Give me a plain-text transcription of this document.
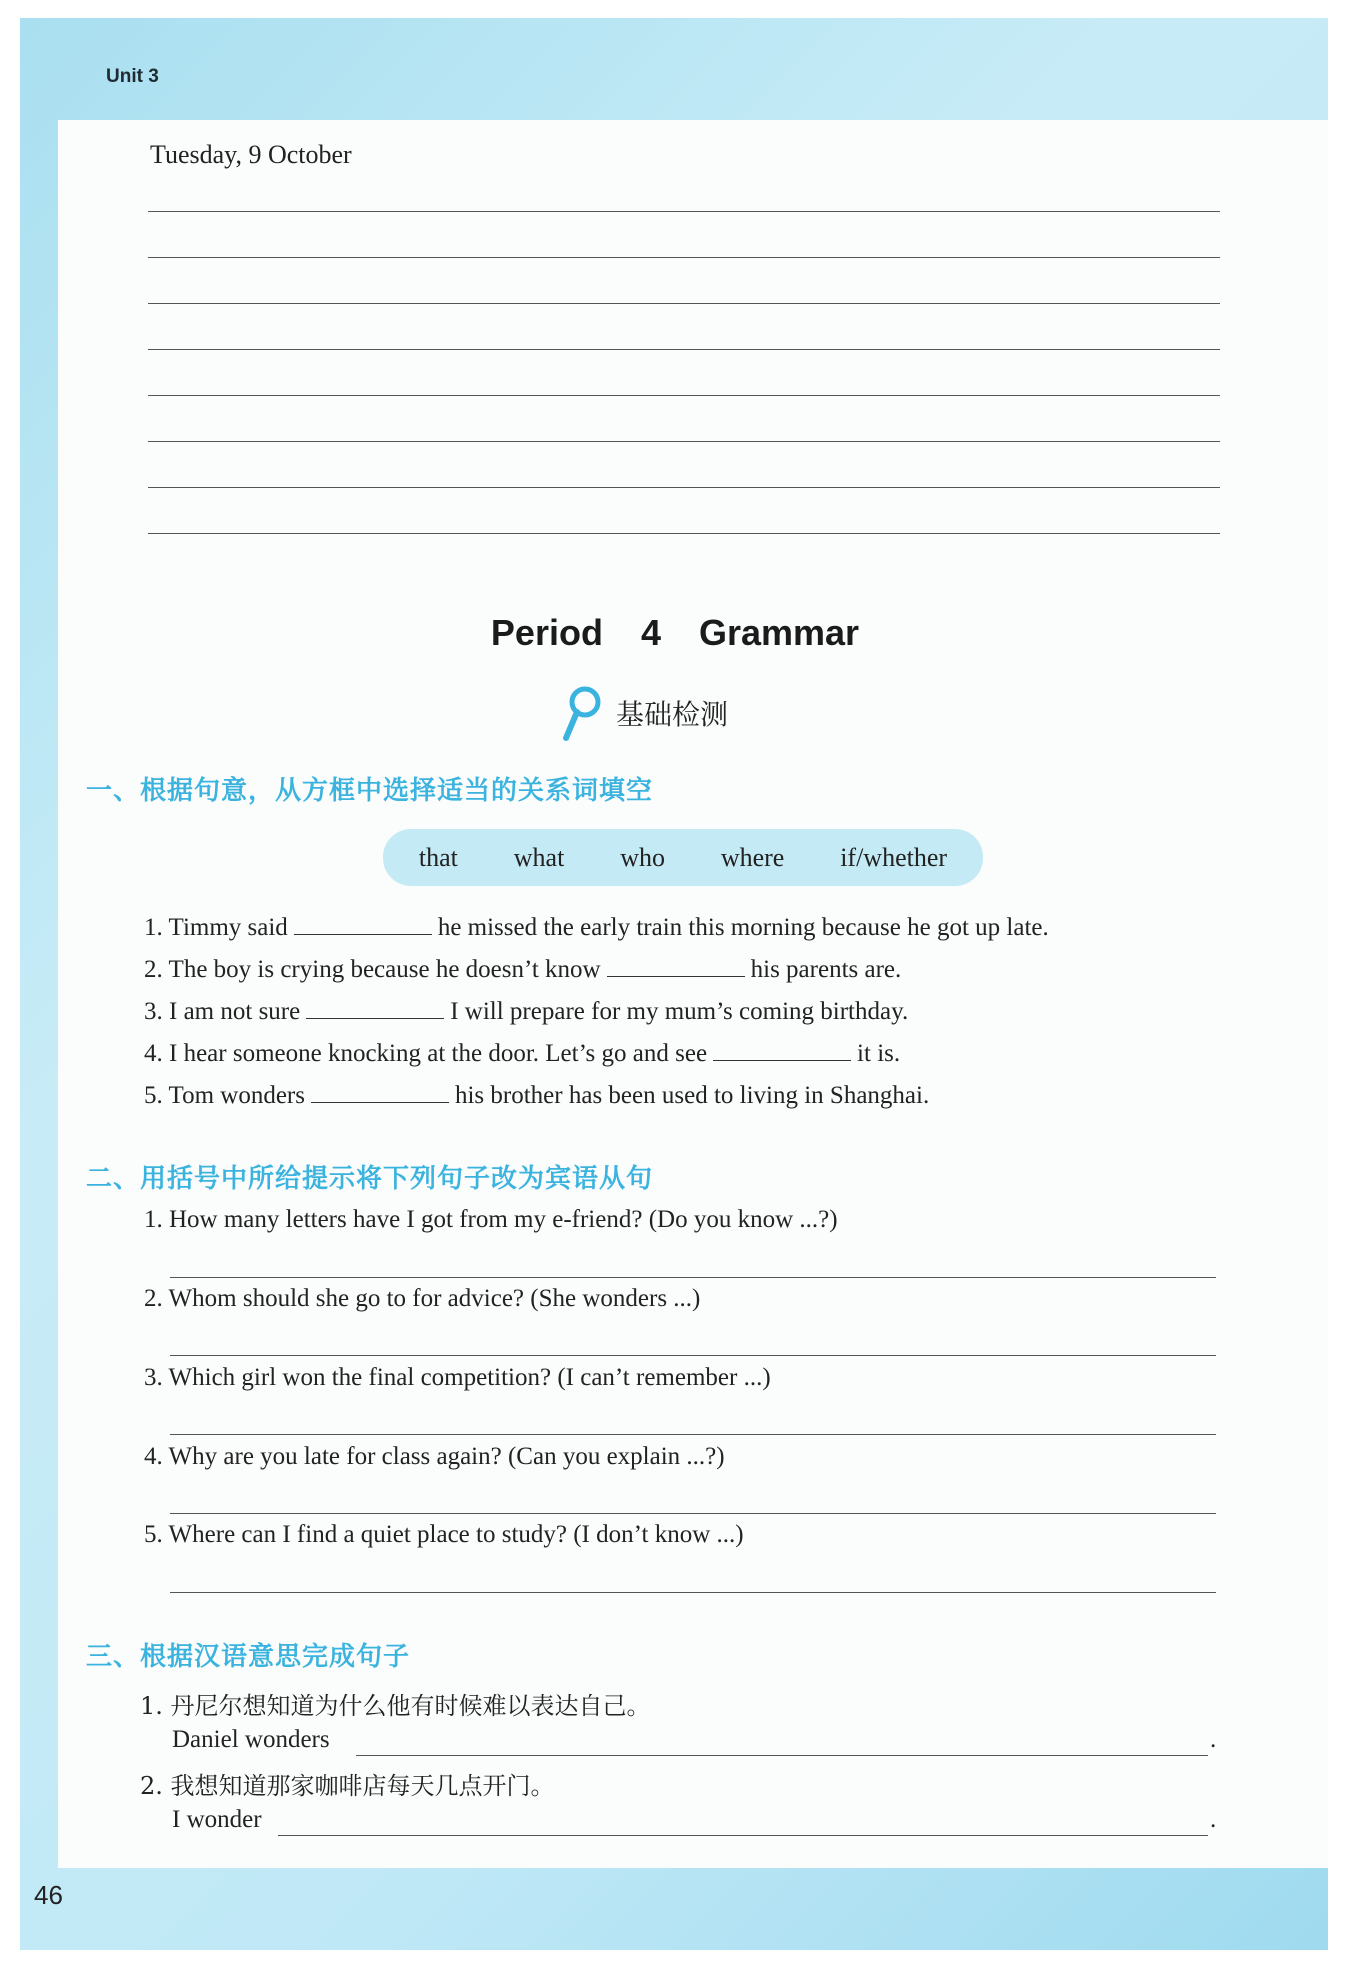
Unit 3
Tuesday, 9 October
Period 4 Grammar
基础检测
一、根据句意，从方框中选择适当的关系词填空
that what who where if/whether
1. Timmy said	he missed the early train this morning because he got up late.
2. The boy is crying because he doesn’t know	his parents are.
3. I am not sure	I will prepare for my mum’s coming birthday.
4. I hear someone knocking at the door. Let’s go and see	it is.
5. Tom wonders	his brother has been used to living in Shanghai.
二、用括号中所给提示将下列句子改为宾语从句
1. How many letters have I got from my e-friend? (Do you know ...?)
2. Whom should she go to for advice? (She wonders ...)
3. Which girl won the final competition? (I can’t remember ...)
4. Why are you late for class again? (Can you explain ...?)
5. Where can I find a quiet place to study? (I don’t know ...)
三、根据汉语意思完成句子
1. 丹尼尔想知道为什么他有时候难以表达自己。
Daniel wonders	.
2. 我想知道那家咖啡店每天几点开门。
I wonder	.
46
